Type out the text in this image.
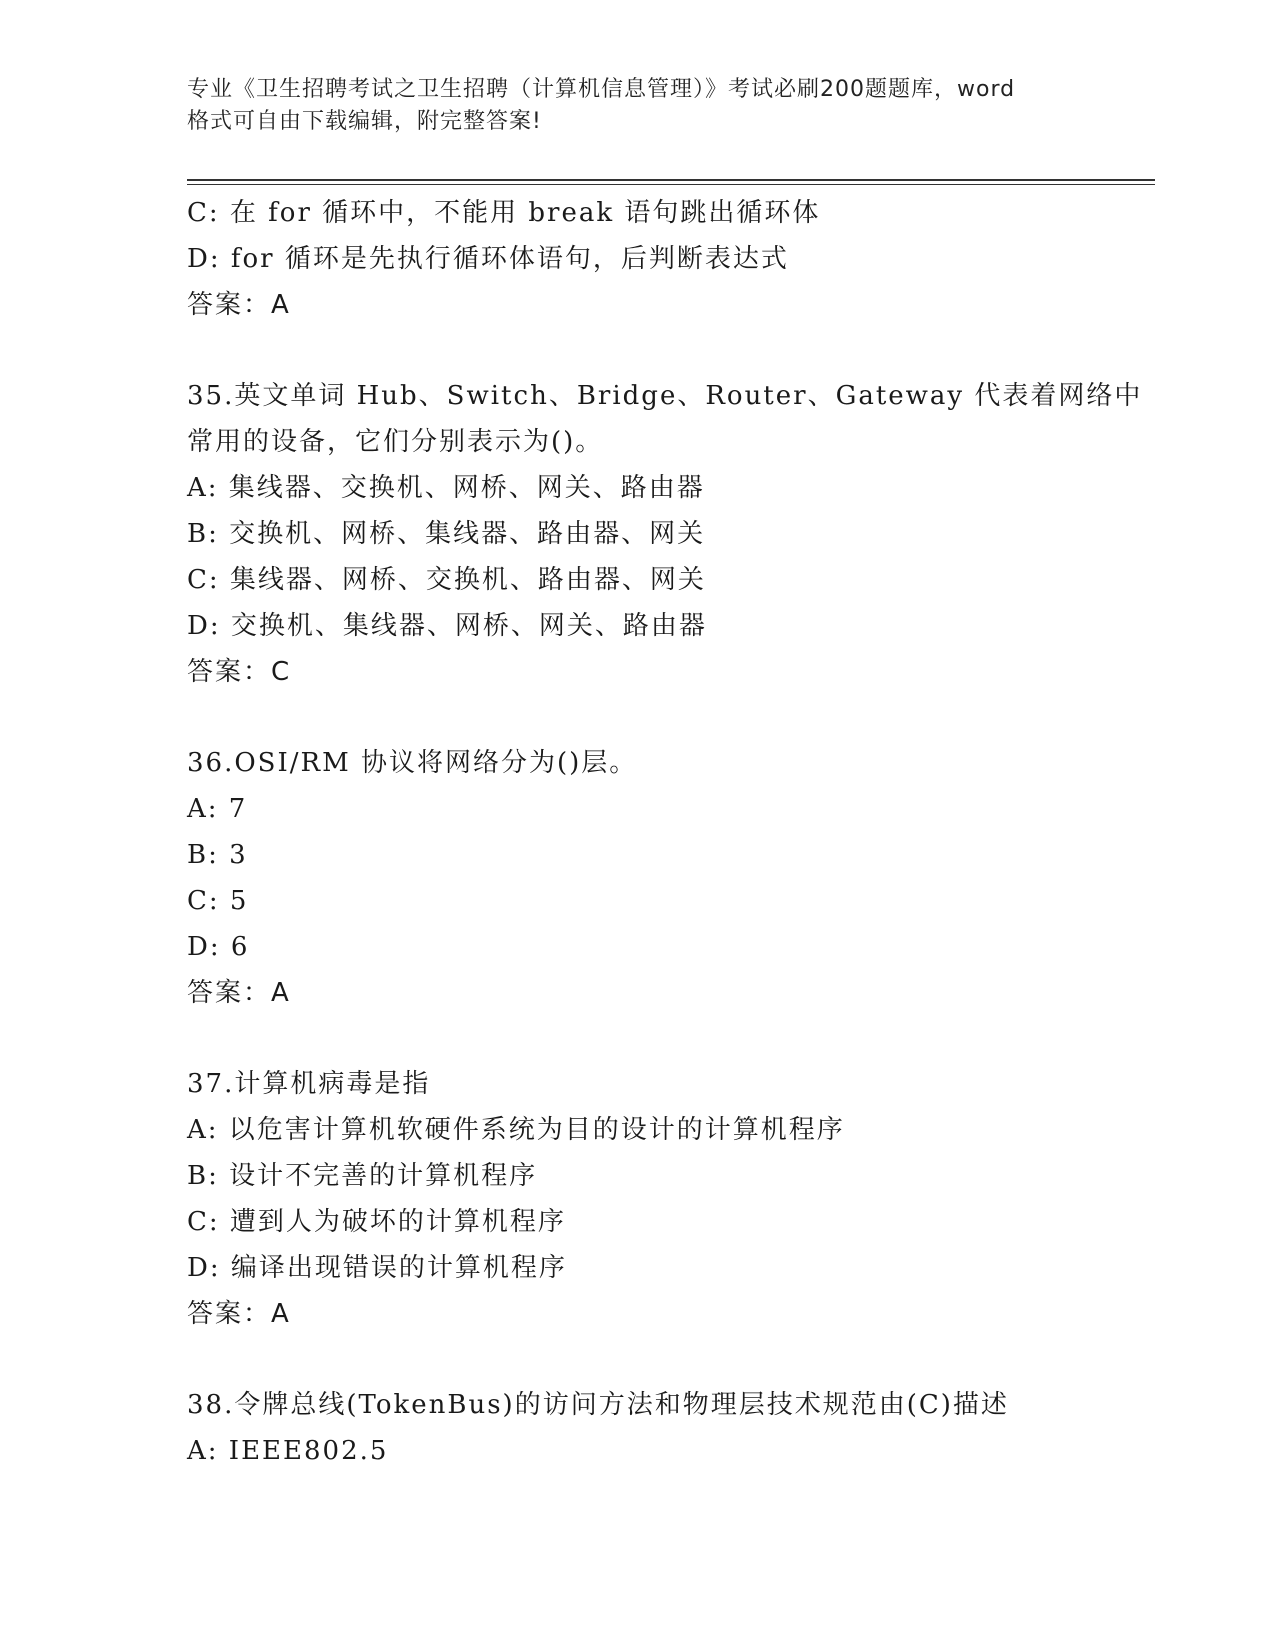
专业《卫生招聘考试之卫生招聘（计算机信息管理）》考试必刷200题题库，word
格式可自由下载编辑，附完整答案!
C: 在 for 循环中，不能用 break 语句跳出循环体
D: for 循环是先执行循环体语句，后判断表达式
答案：A
35.英文单词 Hub、Switch、Bridge、Router、Gateway 代表着网络中
常用的设备，它们分别表示为()。
A: 集线器、交换机、网桥、网关、路由器
B: 交换机、网桥、集线器、路由器、网关
C: 集线器、网桥、交换机、路由器、网关
D: 交换机、集线器、网桥、网关、路由器
答案：C
36.OSI/RM 协议将网络分为()层。
A: 7
B: 3
C: 5
D: 6
答案：A
37.计算机病毒是指
A: 以危害计算机软硬件系统为目的设计的计算机程序
B: 设计不完善的计算机程序
C: 遭到人为破坏的计算机程序
D: 编译出现错误的计算机程序
答案：A
38.令牌总线(TokenBus)的访问方法和物理层技术规范由(C)描述
A: IEEE802.5
